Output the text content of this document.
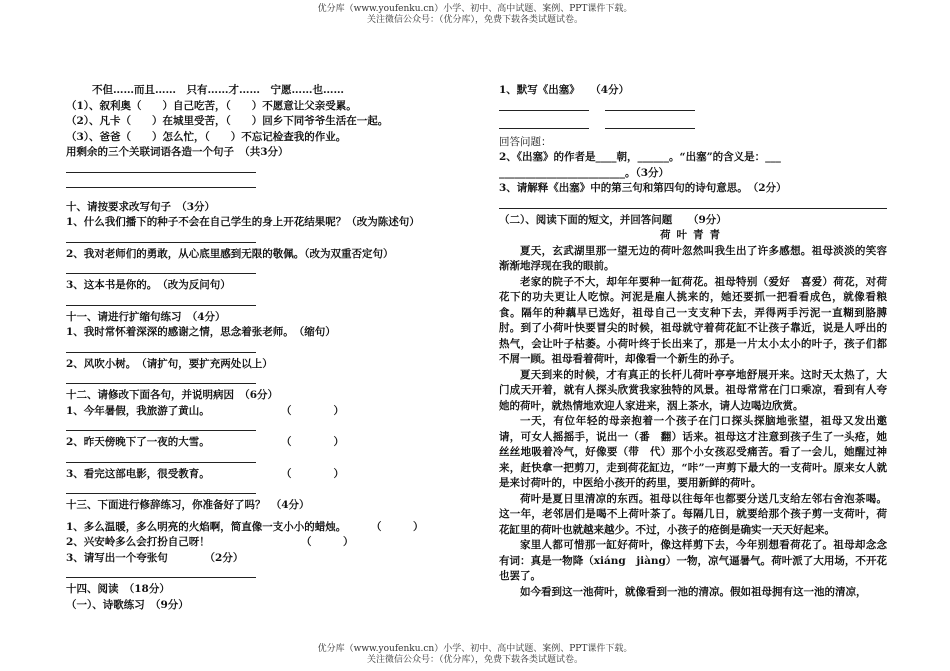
优分库（www.youfenku.cn）小学、初中、高中试题、案例、PPT课件下载。
关注微信公众号：（优分库），免费下载各类试题试卷。
不但……而且……　只有……才……　宁愿……也……
（1）、叙利奥（　　）自己吃苦，（　　）不愿意让父亲受累。
（2）、凡卡（　　）在城里受苦，（　　）回乡下同爷爷生活在一起。
（3）、爸爸（　　）怎么忙，（　　）不忘记检查我的作业。
用剩余的三个关联词语各造一个句子　（共3分）
十、请按要求改写句子　（3分）
1、什么我们播下的种子不会在自己学生的身上开花结果呢？（改为陈述句）
2、我对老师们的勇敢，从心底里感到无限的敬佩。（改为双重否定句）
3、这本书是你的。　（改为反问句）
十一、请进行扩缩句练习　（4分）
1、我时常怀着深深的感谢之情，思念着张老师。　（缩句）
2、风吹小树。　（请扩句，要扩充两处以上）
十二、请修改下面各句，并说明病因　（6分）
1、今年暑假，我旅游了黄山。	（　　　　）
2、昨天傍晚下了一夜的大雪。	（　　　　）
3、看完这部电影，很受教育。	（　　　　）
十三、下面进行修辞练习，你准备好了吗？　（4分）
1、多么温暖，多么明亮的火焰啊，简直像一支小小的蜡烛。 （　　　）
2、兴安岭多么会打扮自己呀！	（　　　）
3、请写出一个夸张句　　　　（2分）
十四、阅读　（18分）
（一）、诗歌练习　（9分）
1、默写《出塞》　　（4分）
回答问题：
2、《出塞》的作者是____朝，______。“出塞”的含义是：___
________________________。（3分）
3、请解释《出塞》中的第三句和第四句的诗句意思。　（2分）
（二）、阅读下面的短文，并回答问题　　（9分）
荷叶青青
夏天，玄武湖里那一望无边的荷叶忽然叫我生出了许多感想。祖母淡淡的笑容渐渐地浮现在我的眼前。
老家的院子不大，却年年要种一缸荷花。祖母特别（爱好　喜爱）荷花，对荷花下的功夫更让人吃惊。河泥是雇人挑来的，她还要抓一把看看成色，就像看粮食。隔年的种藕早已选好，祖母自己一支支种下去，弄得两手污泥一直糊到胳膊肘。到了小荷叶快要冒尖的时候，祖母就守着荷花缸不让孩子靠近，说是人呼出的热气，会让叶子枯萎。小荷叶终于长出来了，那是一片太小太小的叶子，孩子们都不屑一顾。祖母看着荷叶，却像看一个新生的孙子。
夏天到来的时候，才有真正的长杆儿荷叶亭亭地舒展开来。这时天太热了，大门成天开着，就有人探头欣赏我家独特的风景。祖母常常在门口乘凉，看到有人夸她的荷叶，就热情地欢迎人家进来，洇上茶水，请人边喝边欣赏。
一天，有位年轻的母亲抱着一个孩子在门口探头探脑地张望，祖母又发出邀请，可女人摇摇手，说出一（番　翻）话来。祖母这才注意到孩子生了一头疮，她丝丝地吸着冷气，好像要（带　代）那个小女孩忍受痛苦。看了一会儿，她醒过神来，赶快拿一把剪刀，走到荷花缸边，“咔”一声剪下最大的一支荷叶。原来女人就是来讨荷叶的，中医给小孩开的药里，要用新鲜的荷叶。
荷叶是夏日里清凉的东西。祖母以往每年也都要分送几支给左邻右舍泡茶喝。这一年，老邻居们是喝不上荷叶茶了。每隔几日，就要给那个孩子剪一支荷叶，荷花缸里的荷叶也就越来越少。不过，小孩子的疮倒是确实一天天好起来。
家里人都可惜那一缸好荷叶，像这样剪下去，今年别想看荷花了。祖母却念念有词：真是一物降（xiáng　jiàng）一物，凉气逼暑气。荷叶派了大用场，不开花也罢了。
如今看到这一池荷叶，就像看到一池的清凉。假如祖母拥有这一池的清凉，
优分库（www.youfenku.cn）小学、初中、高中试题、案例、PPT课件下载。
关注微信公众号：（优分库），免费下载各类试题试卷。
